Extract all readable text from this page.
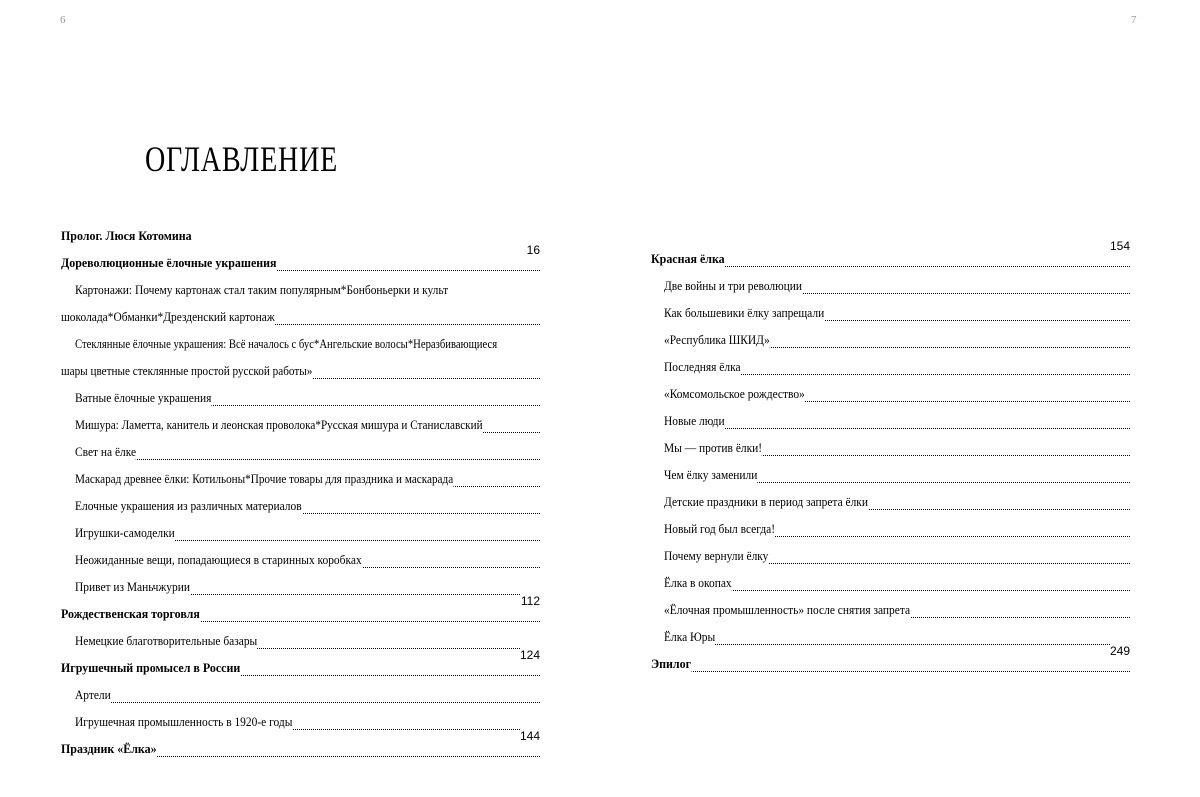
6	7
ОГЛАВЛЕНИЕ
Пролог. Люся Котомина
Дореволюционные ёлочные украшения
16
Картонажи: Почему картонаж стал таким популярным*Бонбоньерки и культ
шоколада*Обманки*Дрезденский картонаж
Стеклянные ёлочные украшения: Всё началось с бус*Ангельские волосы*Неразбивающиеся
шары цветные стеклянные простой русской работы»
Ватные ёлочные украшения
Мишура: Ламетта, канитель и леонская проволока*Русская мишура и Станиславский
Свет на ёлке
Маскарад древнее ёлки: Котильоны*Прочие товары для праздника и маскарада
Елочные украшения из различных материалов
Игрушки-самоделки
Неожиданные вещи, попадающиеся в старинных коробках
Привет из Маньчжурии
Рождественская торговля
112
Немецкие благотворительные базары
Игрушечный промысел в России
124
Артели
Игрушечная промышленность в 1920-е годы
Праздник «Ёлка»
144
Красная ёлка
154
Две войны и три революции
Как большевики ёлку запрещали
«Республика ШКИД»
Последняя ёлка
«Комсомольское рождество»
Новые люди
Мы — против ёлки!
Чем ёлку заменили
Детские праздники в период запрета ёлки
Новый год был всегда!
Почему вернули ёлку
Ёлка в окопах
«Ёлочная промышленность» после снятия запрета
Ёлка Юры
Эпилог
249
